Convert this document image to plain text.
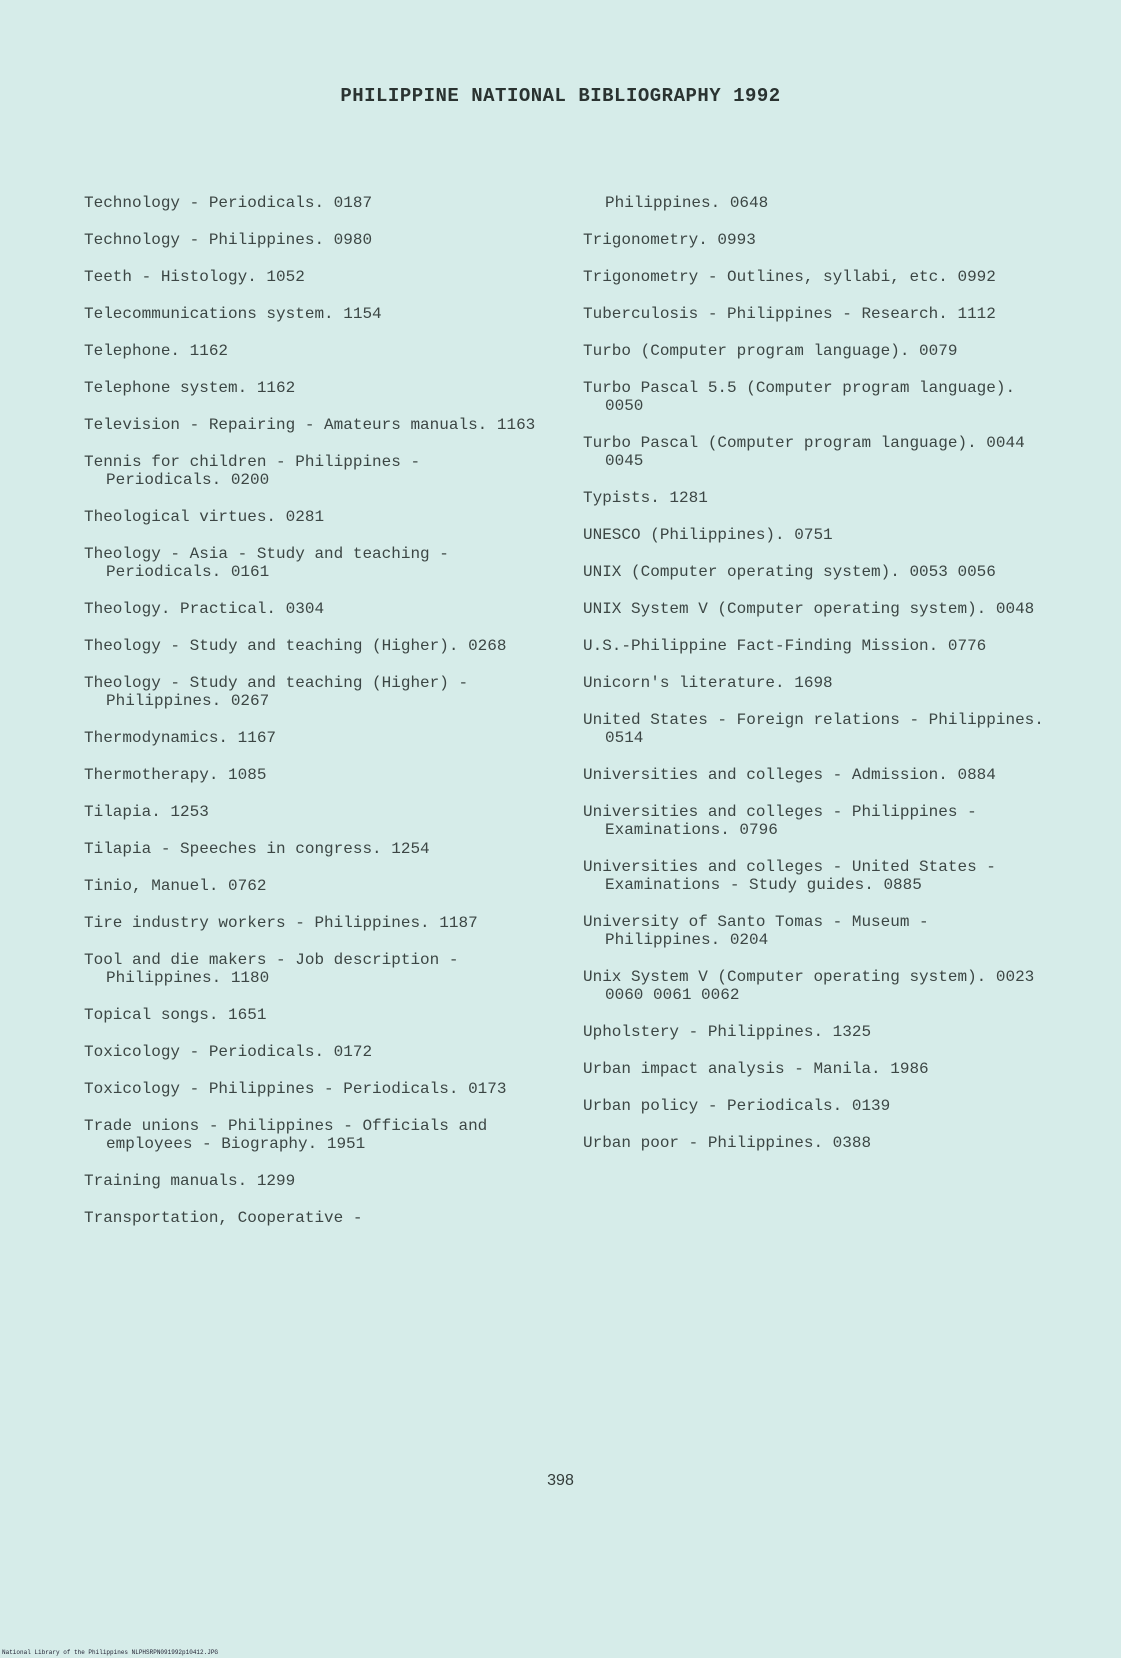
PHILIPPINE NATIONAL BIBLIOGRAPHY 1992
Technology - Periodicals. 0187
Technology - Philippines. 0980
Teeth - Histology. 1052
Telecommunications system. 1154
Telephone. 1162
Telephone system. 1162
Television - Repairing - Amateurs manuals. 1163
Tennis for children - Philippines - Periodicals. 0200
Theological virtues. 0281
Theology - Asia - Study and teaching - Periodicals. 0161
Theology. Practical. 0304
Theology - Study and teaching (Higher). 0268
Theology - Study and teaching (Higher) - Philippines. 0267
Thermodynamics. 1167
Thermotherapy. 1085
Tilapia. 1253
Tilapia - Speeches in congress. 1254
Tinio, Manuel. 0762
Tire industry workers - Philippines. 1187
Tool and die makers - Job description - Philippines. 1180
Topical songs. 1651
Toxicology - Periodicals. 0172
Toxicology - Philippines - Periodicals. 0173
Trade unions - Philippines - Officials and employees - Biography. 1951
Training manuals. 1299
Transportation, Cooperative -
Philippines. 0648
Trigonometry. 0993
Trigonometry - Outlines, syllabi, etc. 0992
Tuberculosis - Philippines - Research. 1112
Turbo (Computer program language). 0079
Turbo Pascal 5.5 (Computer program language). 0050
Turbo Pascal (Computer program language). 0044 0045
Typists. 1281
UNESCO (Philippines). 0751
UNIX (Computer operating system). 0053 0056
UNIX System V (Computer operating system). 0048
U.S.-Philippine Fact-Finding Mission. 0776
Unicorn's literature. 1698
United States - Foreign relations - Philippines. 0514
Universities and colleges - Admission. 0884
Universities and colleges - Philippines - Examinations. 0796
Universities and colleges - United States - Examinations - Study guides. 0885
University of Santo Tomas - Museum - Philippines. 0204
Unix System V (Computer operating system). 0023 0060 0061 0062
Upholstery - Philippines. 1325
Urban impact analysis - Manila. 1986
Urban policy - Periodicals. 0139
Urban poor - Philippines. 0388
398
National Library of the Philippines NLPHSRPN091992p10412.JPG
